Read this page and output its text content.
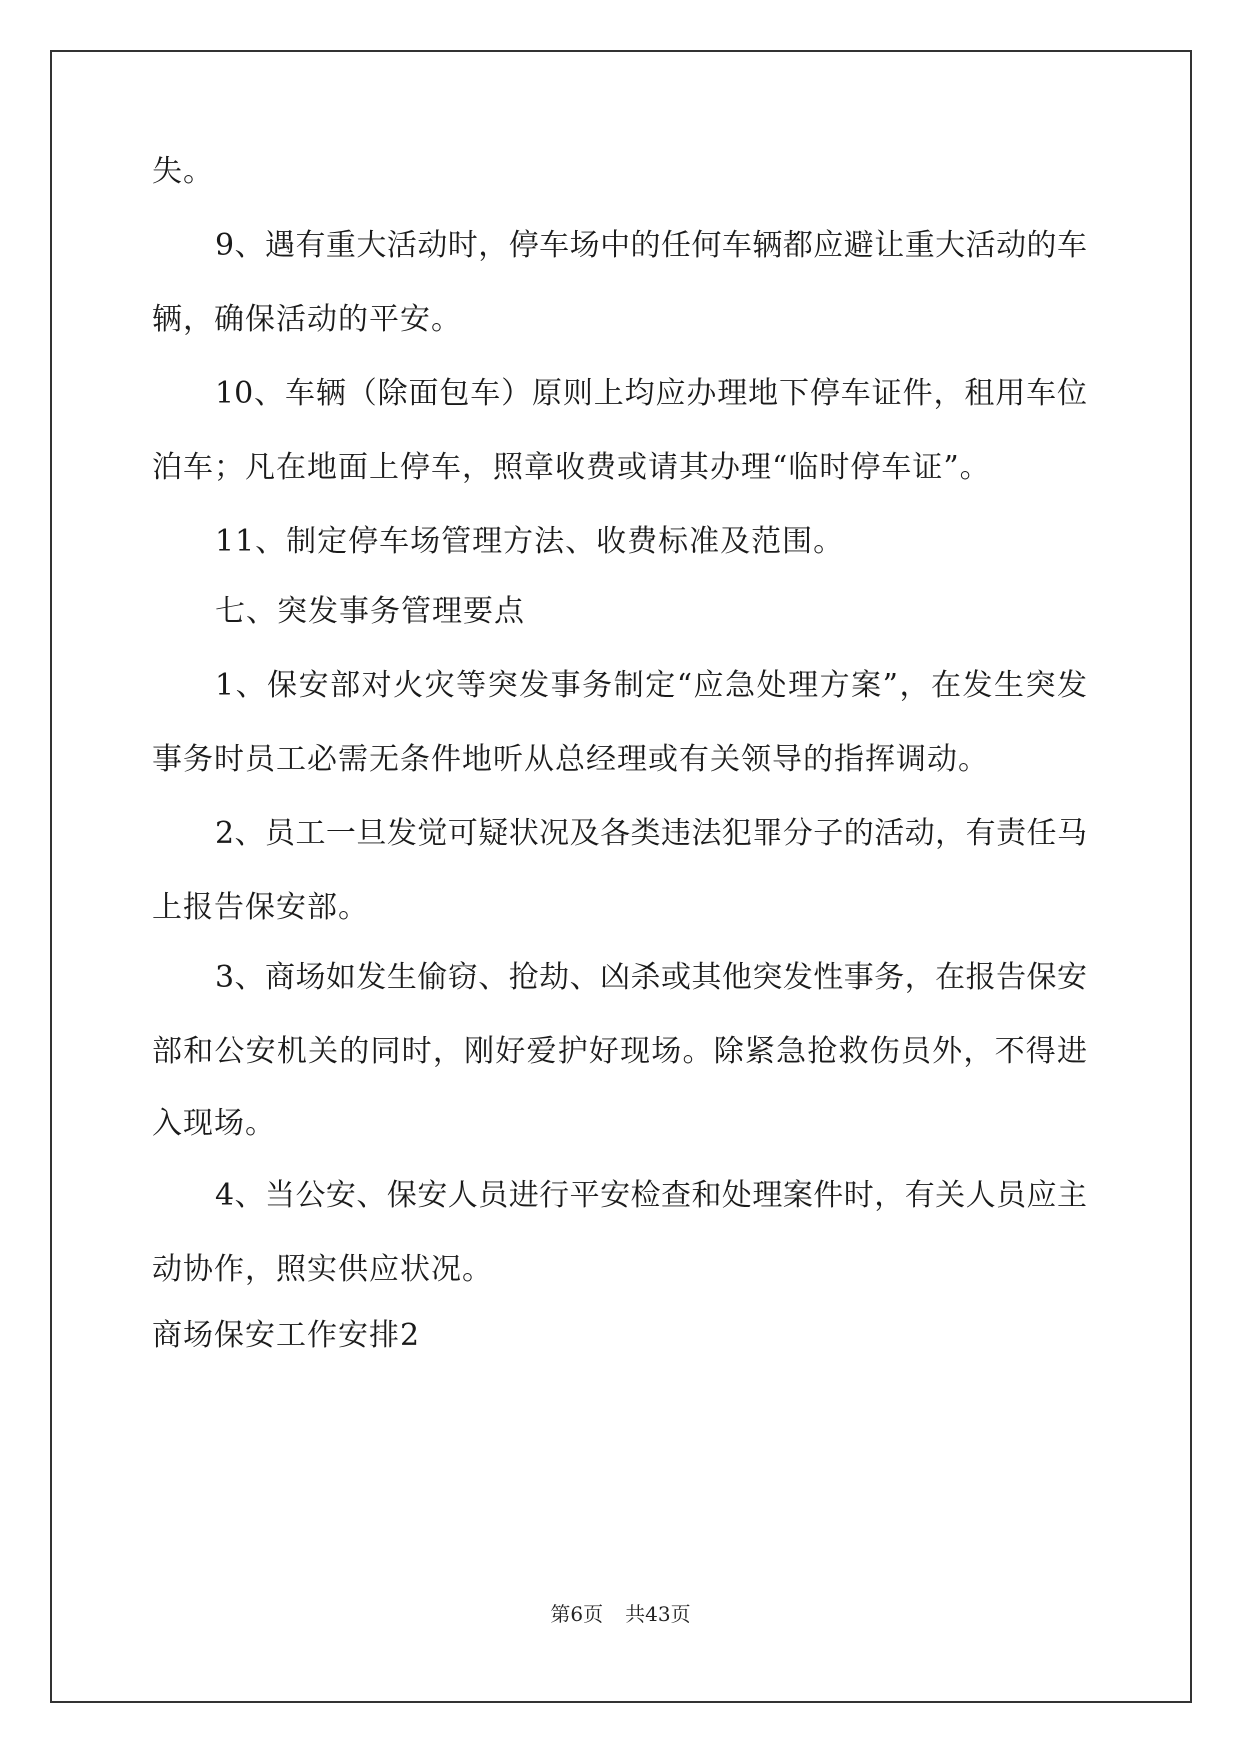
失。
9、遇有重大活动时，停车场中的任何车辆都应避让重大活动的车
辆，确保活动的平安。
10、车辆（除面包车）原则上均应办理地下停车证件，租用车位
泊车；凡在地面上停车，照章收费或请其办理“临时停车证”。
11、制定停车场管理方法、收费标准及范围。
七、突发事务管理要点
1、保安部对火灾等突发事务制定“应急处理方案”，在发生突发
事务时员工必需无条件地听从总经理或有关领导的指挥调动。
2、员工一旦发觉可疑状况及各类违法犯罪分子的活动，有责任马
上报告保安部。
3、商场如发生偷窃、抢劫、凶杀或其他突发性事务，在报告保安
部和公安机关的同时，刚好爱护好现场。除紧急抢救伤员外，不得进
入现场。
4、当公安、保安人员进行平安检查和处理案件时，有关人员应主
动协作，照实供应状况。
商场保安工作安排2
第6页 共43页
